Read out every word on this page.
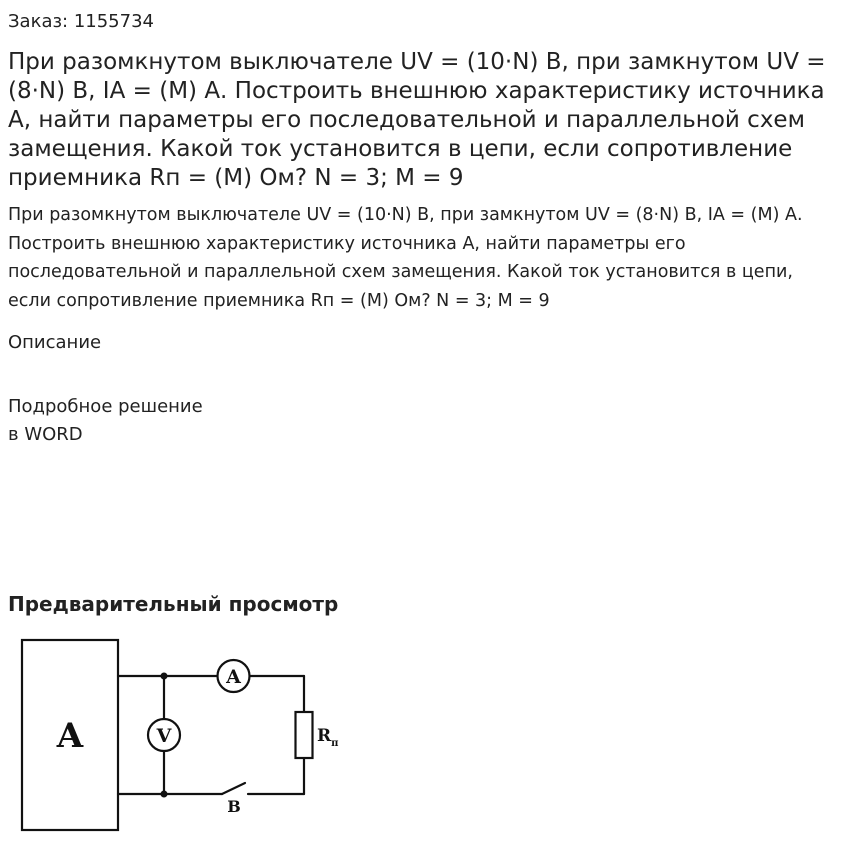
Заказ: 1155734
При разомкнутом выключателе UV = (10·N) В, при замкнутом UV = (8·N) В, IA = (M) А. Построить внешнюю характеристику источника А, найти параметры его последовательной и параллельной схем замещения. Какой ток установится в цепи, если сопротивление приемника Rп = (M) Ом? N = 3; M = 9

При разомкнутом выключателе UV = (10·N) В, при замкнутом UV = (8·N) В, IA = (M) А. Построить внешнюю характеристику источника А, найти параметры его последовательной и параллельной схем замещения. Какой ток установится в цепи, если сопротивление приемника Rп = (M) Ом? N = 3; M = 9

Описание
Подробное решение
в WORD
Предварительный просмотр
A
A
V	$R_п$
В
